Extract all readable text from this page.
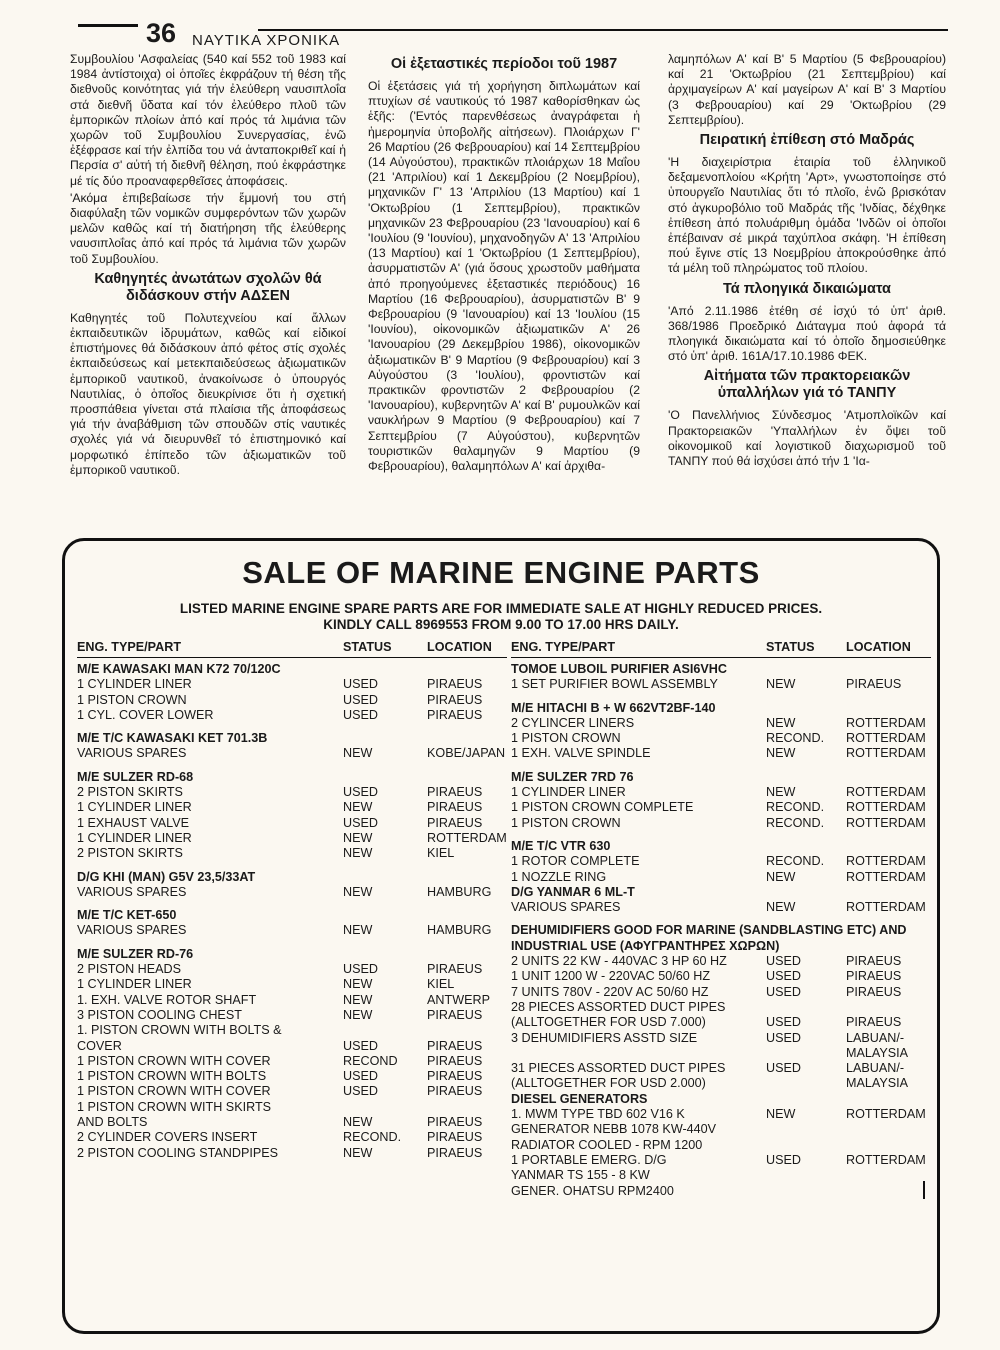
36 ΝΑΥΤΙΚΑ ΧΡΟΝΙΚΑ

Συμβουλίου 'Ασφαλείας (540 καί 552 τοῦ 1983 καί 1984 ἀντίστοιχα) οἱ ὁποῖες ἐκφράζουν τή θέση τῆς διεθνοῦς κοινότητας γιά τήν ἐλεύθερη ναυσιπλοΐα στά διεθνῆ ὕδατα καί τόν ἐλεύθερο πλοῦ τῶν ἐμπορικῶν πλοίων ἀπό καί πρός τά λιμάνια τῶν χωρῶν τοῦ Συμβουλίου Συνεργασίας, ἐνῶ ἐξέφρασε καί τήν ἐλπίδα του νά ἀνταποκριθεῖ καί ἡ Περσία σ' αὐτή τή διεθνῆ θέληση, πού ἐκφράστηκε μέ τίς δύο προαναφερθεῖσες ἀποφάσεις.

'Ακόμα ἐπιβεβαίωσε τήν ἔμμονή του στή διαφύλαξη τῶν νομικῶν συμφερόντων τῶν χωρῶν μελῶν καθῶς καί τή διατήρηση τῆς ἐλεύθερης ναυσιπλοΐας ἀπό καί πρός τά λιμάνια τῶν χωρῶν τοῦ Συμβουλίου.

Καθηγητές ἀνωτάτων σχολῶν θά διδάσκουν στήν ΑΔΣΕΝ

Καθηγητές τοῦ Πολυτεχνείου καί ἄλλων ἐκπαιδευτικῶν ἱδρυμάτων, καθῶς καί εἰδικοί ἐπιστήμονες θά διδάσκουν ἀπό φέτος στίς σχολές ἐκπαιδεύσεως καί μετεκπαιδεύσεως ἀξιωματικῶν ἐμπορικοῦ ναυτικοῦ, ἀνακοίνωσε ὁ ὑπουργός Ναυτιλίας, ὁ ὁποῖος διευκρίνισε ὅτι ἡ σχετική προσπάθεια γίνεται στά πλαίσια τῆς ἀποφάσεως γιά τήν ἀναβάθμιση τῶν σπουδῶν στίς ναυτικές σχολές γιά νά διευρυνθεῖ τό ἐπιστημονικό καί μορφωτικό ἐπίπεδο τῶν ἀξιωματικῶν τοῦ ἐμπορικοῦ ναυτικοῦ.

Οἱ ἐξεταστικές περίοδοι τοῦ 1987

Οἱ ἐξετάσεις γιά τή χορήγηση διπλωμάτων καί πτυχίων σέ ναυτικούς τό 1987 καθορίσθηκαν ὡς ἑξῆς: ('Εντός παρενθέσεως ἀναγράφεται ἡ ἡμερομηνία ὑποβολῆς αἰτήσεων). Πλοιάρχων Γ' 26 Μαρτίου (26 Φεβρουαρίου) καί 14 Σεπτεμβρίου (14 Αὐγούστου), πρακτικῶν πλοιάρχων 18 Μαΐου (21 'Απριλίου) καί 1 Δεκεμβρίου (2 Νοεμβρίου), μηχανικῶν Γ' 13 'Απριλίου (13 Μαρτίου) καί 1 'Οκτωβρίου (1 Σεπτεμβρίου), πρακτικῶν μηχανικῶν 23 Φεβρουαρίου (23 'Ιανουαρίου) καί 6 'Ιουλίου (9 'Ιουνίου), μηχανοδηγῶν Α' 13 'Απριλίου (13 Μαρτίου) καί 1 'Οκτωβρίου (1 Σεπτεμβρίου), ἀσυρματιστῶν Α' (γιά ὅσους χρωστοῦν μαθήματα ἀπό προηγούμενες ἐξεταστικές περιόδους) 16 Μαρτίου (16 Φεβρουαρίου), ἀσυρματιστῶν Β' 9 Φεβρουαρίου (9 'Ιανουαρίου) καί 13 'Ιουλίου (15 'Ιουνίου), οἰκονομικῶν ἀξιωματικῶν Α' 26 'Ιανουαρίου (29 Δεκεμβρίου 1986), οἰκονομικῶν ἀξιωματικῶν Β' 9 Μαρτίου (9 Φεβρουαρίου) καί 3 Αὐγούστου (3 'Ιουλίου), φροντιστῶν καί πρακτικῶν φροντιστῶν 2 Φεβρουαρίου (2 'Ιανουαρίου), κυβερνητῶν Α' καί Β' ρυμουλκῶν καί ναυκλήρων 9 Μαρτίου (9 Φεβρουαρίου) καί 7 Σεπτεμβρίου (7 Αὐγούστου), κυβερνητῶν τουριστικῶν θαλαμηγῶν 9 Μαρτίου (9 Φεβρουαρίου), θαλαμηπόλων Α' καί ἀρχιθα-

λαμηπόλων Α' καί Β' 5 Μαρτίου (5 Φεβρουαρίου) καί 21 'Οκτωβρίου (21 Σεπτεμβρίου) καί ἀρχιμαγείρων Α' καί μαγείρων Α' καί Β' 3 Μαρτίου (3 Φεβρουαρίου) καί 29 'Οκτωβρίου (29 Σεπτεμβρίου).

Πειρατική ἐπίθεση στό Μαδράς

'Η διαχειρίστρια ἑταιρία τοῦ ἑλληνικοῦ δεξαμενοπλοίου «Κρήτη 'Αρτ», γνωστοποίησε στό ὑπουργεῖο Ναυτιλίας ὅτι τό πλοῖο, ἐνῶ βρισκόταν στό ἀγκυροβόλιο τοῦ Μαδράς τῆς 'Ινδίας, δέχθηκε ἐπίθεση ἀπό πολυάριθμη ὁμάδα 'Ινδῶν οἱ ὁποῖοι ἐπέβαιναν σέ μικρά ταχύπλοα σκάφη. 'Η ἐπίθεση πού ἔγινε στίς 13 Νοεμβρίου ἀποκρούσθηκε ἀπό τά μέλη τοῦ πληρώματος τοῦ πλοίου.

Τά πλοηγικά δικαιώματα

'Από 2.11.1986 ἐτέθη σέ ἰσχύ τό ὑπ' ἀριθ. 368/1986 Προεδρικό Διάταγμα πού ἀφορά τά πλοηγικά δικαιώματα καί τό ὁποῖο δημοσιεύθηκε στό ὑπ' ἀριθ. 161Α/17.10.1986 ΦΕΚ.

Αἰτήματα τῶν πρακτορειακῶν ὑπαλλήλων γιά τό ΤΑΝΠΥ

'Ο Πανελλήνιος Σύνδεσμος 'Ατμοπλοϊκῶν καί Πρακτορειακῶν 'Υπαλλήλων ἐν ὄψει τοῦ οἰκονομικοῦ καί λογιστικοῦ διαχωρισμοῦ τοῦ ΤΑΝΠΥ πού θά ἰσχύσει ἀπό τήν 1 'Ια-

SALE OF MARINE ENGINE PARTS
LISTED MARINE ENGINE SPARE PARTS ARE FOR IMMEDIATE SALE AT HIGHLY REDUCED PRICES.
KINDLY CALL 8969553 FROM 9.00 TO 17.00 HRS DAILY.
ENG. TYPE/PART	STATUS	LOCATION
M/E KAWASAKI MAN K72 70/120C
1 CYLINDER LINER	USED	PIRAEUS
1 PISTON CROWN	USED	PIRAEUS
1 CYL. COVER LOWER	USED	PIRAEUS
M/E T/C KAWASAKI KET 701.3B
VARIOUS SPARES	NEW	KOBE/JAPAN
M/E SULZER RD-68
2 PISTON SKIRTS	USED	PIRAEUS
1 CYLINDER LINER	NEW	PIRAEUS
1 EXHAUST VALVE	USED	PIRAEUS
1 CYLINDER LINER	NEW	ROTTERDAM
2 PISTON SKIRTS	NEW	KIEL
D/G KHI (MAN) G5V 23,5/33AT
VARIOUS SPARES	NEW	HAMBURG
M/E T/C KET-650
VARIOUS SPARES	NEW	HAMBURG
M/E SULZER RD-76
2 PISTON HEADS	USED	PIRAEUS
1 CYLINDER LINER	NEW	KIEL
1. EXH. VALVE ROTOR SHAFT	NEW	ANTWERP
3 PISTON COOLING CHEST	NEW	PIRAEUS
1. PISTON CROWN WITH BOLTS &
COVER	USED	PIRAEUS
1 PISTON CROWN WITH COVER	RECOND PIRAEUS
1 PISTON CROWN WITH BOLTS	USED	PIRAEUS
1 PISTON CROWN WITH COVER	USED	PIRAEUS
1 PISTON CROWN WITH SKIRTS
AND BOLTS	NEW	PIRAEUS
2 CYLINDER COVERS INSERT	RECOND. PIRAEUS
2 PISTON COOLING STANDPIPES	NEW	PIRAEUS
ENG. TYPE/PART	STATUS LOCATION
TOMOE LUBOIL PURIFIER ASI6VHC
1 SET PURIFIER BOWL ASSEMBLY	NEW	PIRAEUS
M/E HITACHI B + W 662VT2BF-140
2 CYLINCER LINERS	NEW	ROTTERDAM
1 PISTON CROWN	RECOND. ROTTERDAM
1 EXH. VALVE SPINDLE	NEW	ROTTERDAM
M/E SULZER 7RD 76
1 CYLINDER LINER	NEW	ROTTERDAM
1 PISTON CROWN COMPLETE	RECOND. ROTTERDAM
1 PISTON CROWN	RECOND. ROTTERDAM
M/E T/C VTR 630
1 ROTOR COMPLETE	RECOND. ROTTERDAM
1 NOZZLE RING	NEW	ROTTERDAM
D/G YANMAR 6 ML-T
VARIOUS SPARES	NEW	ROTTERDAM
DEHUMIDIFIERS GOOD FOR MARINE (SANDBLASTING ETC) AND
INDUSTRIAL USE (ΑΦΥΓΡΑΝΤΗΡΕΣ ΧΩΡΩΝ)
2 UNITS 22 KW - 440VAC 3 HP 60 HZ	USED	PIRAEUS
1 UNIT 1200 W - 220VAC 50/60 HZ	USED	PIRAEUS
7 UNITS 780V - 220V AC 50/60 HZ	USED	PIRAEUS
28 PIECES ASSORTED DUCT PIPES
(ALLTOGETHER FOR USD 7.000)	USED	PIRAEUS
3 DEHUMIDIFIERS ASSTD SIZE	USED	LABUAN/-
MALAYSIA
31 PIECES ASSORTED DUCT PIPES	USED	LABUAN/-
(ALLTOGETHER FOR USD 2.000)	MALAYSIA
DIESEL GENERATORS
1. MWM TYPE TBD 602 V16 K	NEW	ROTTERDAM
GENERATOR NEBB 1078 KW-440V
RADIATOR COOLED - RPM 1200
1 PORTABLE EMERG. D/G	USED	ROTTERDAM
YANMAR TS 155 - 8 KW
GENER. OHATSU RPM2400
